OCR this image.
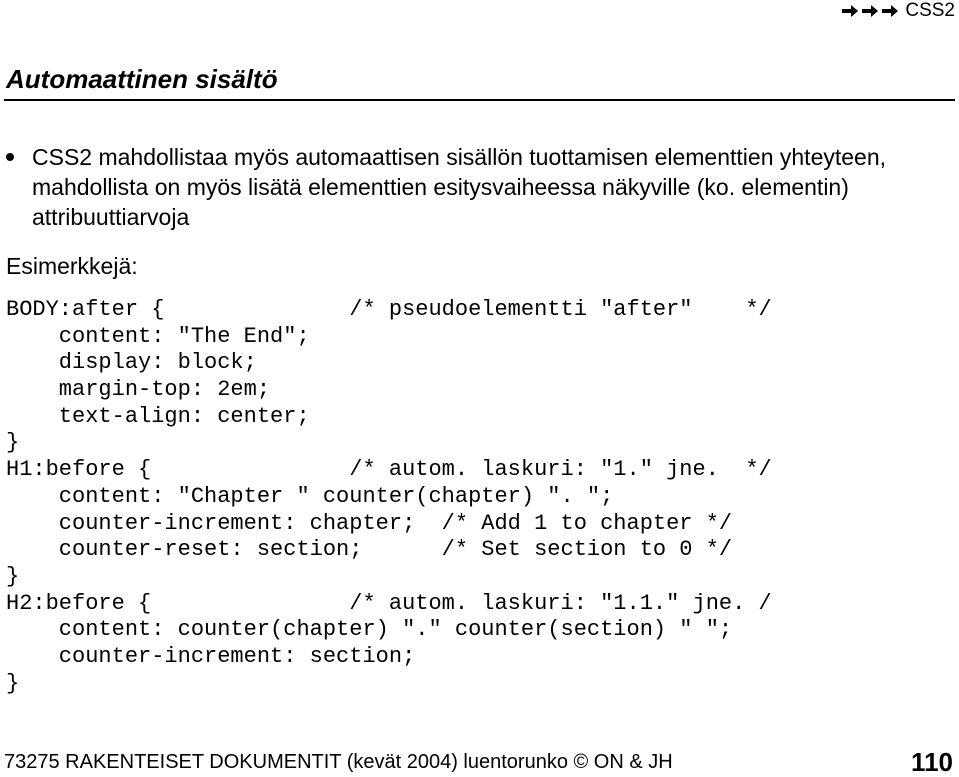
CSS2
Automaattinen sisältö
CSS2 mahdollistaa myös automaattisen sisällön tuottamisen elementtien yhteyteen, mahdollista on myös lisätä elementtien esitysvaiheessa näkyville (ko. elementin) attribuuttiarvoja
Esimerkkejä:
BODY:after {              /* pseudoelementti "after"    */
content: "The End";
display: block;
margin-top: 2em;
text-align: center;
}
H1:before {               /* autom. laskuri: "1." jne.  */
content: "Chapter " counter(chapter) ". ";
counter-increment: chapter;  /* Add 1 to chapter */
counter-reset: section;      /* Set section to 0 */
}
H2:before {               /* autom. laskuri: "1.1." jne. /
content: counter(chapter) "." counter(section) " ";
counter-increment: section;
}
73275 RAKENTEISET DOKUMENTIT (kevät 2004) luentorunko © ON & JH	110
